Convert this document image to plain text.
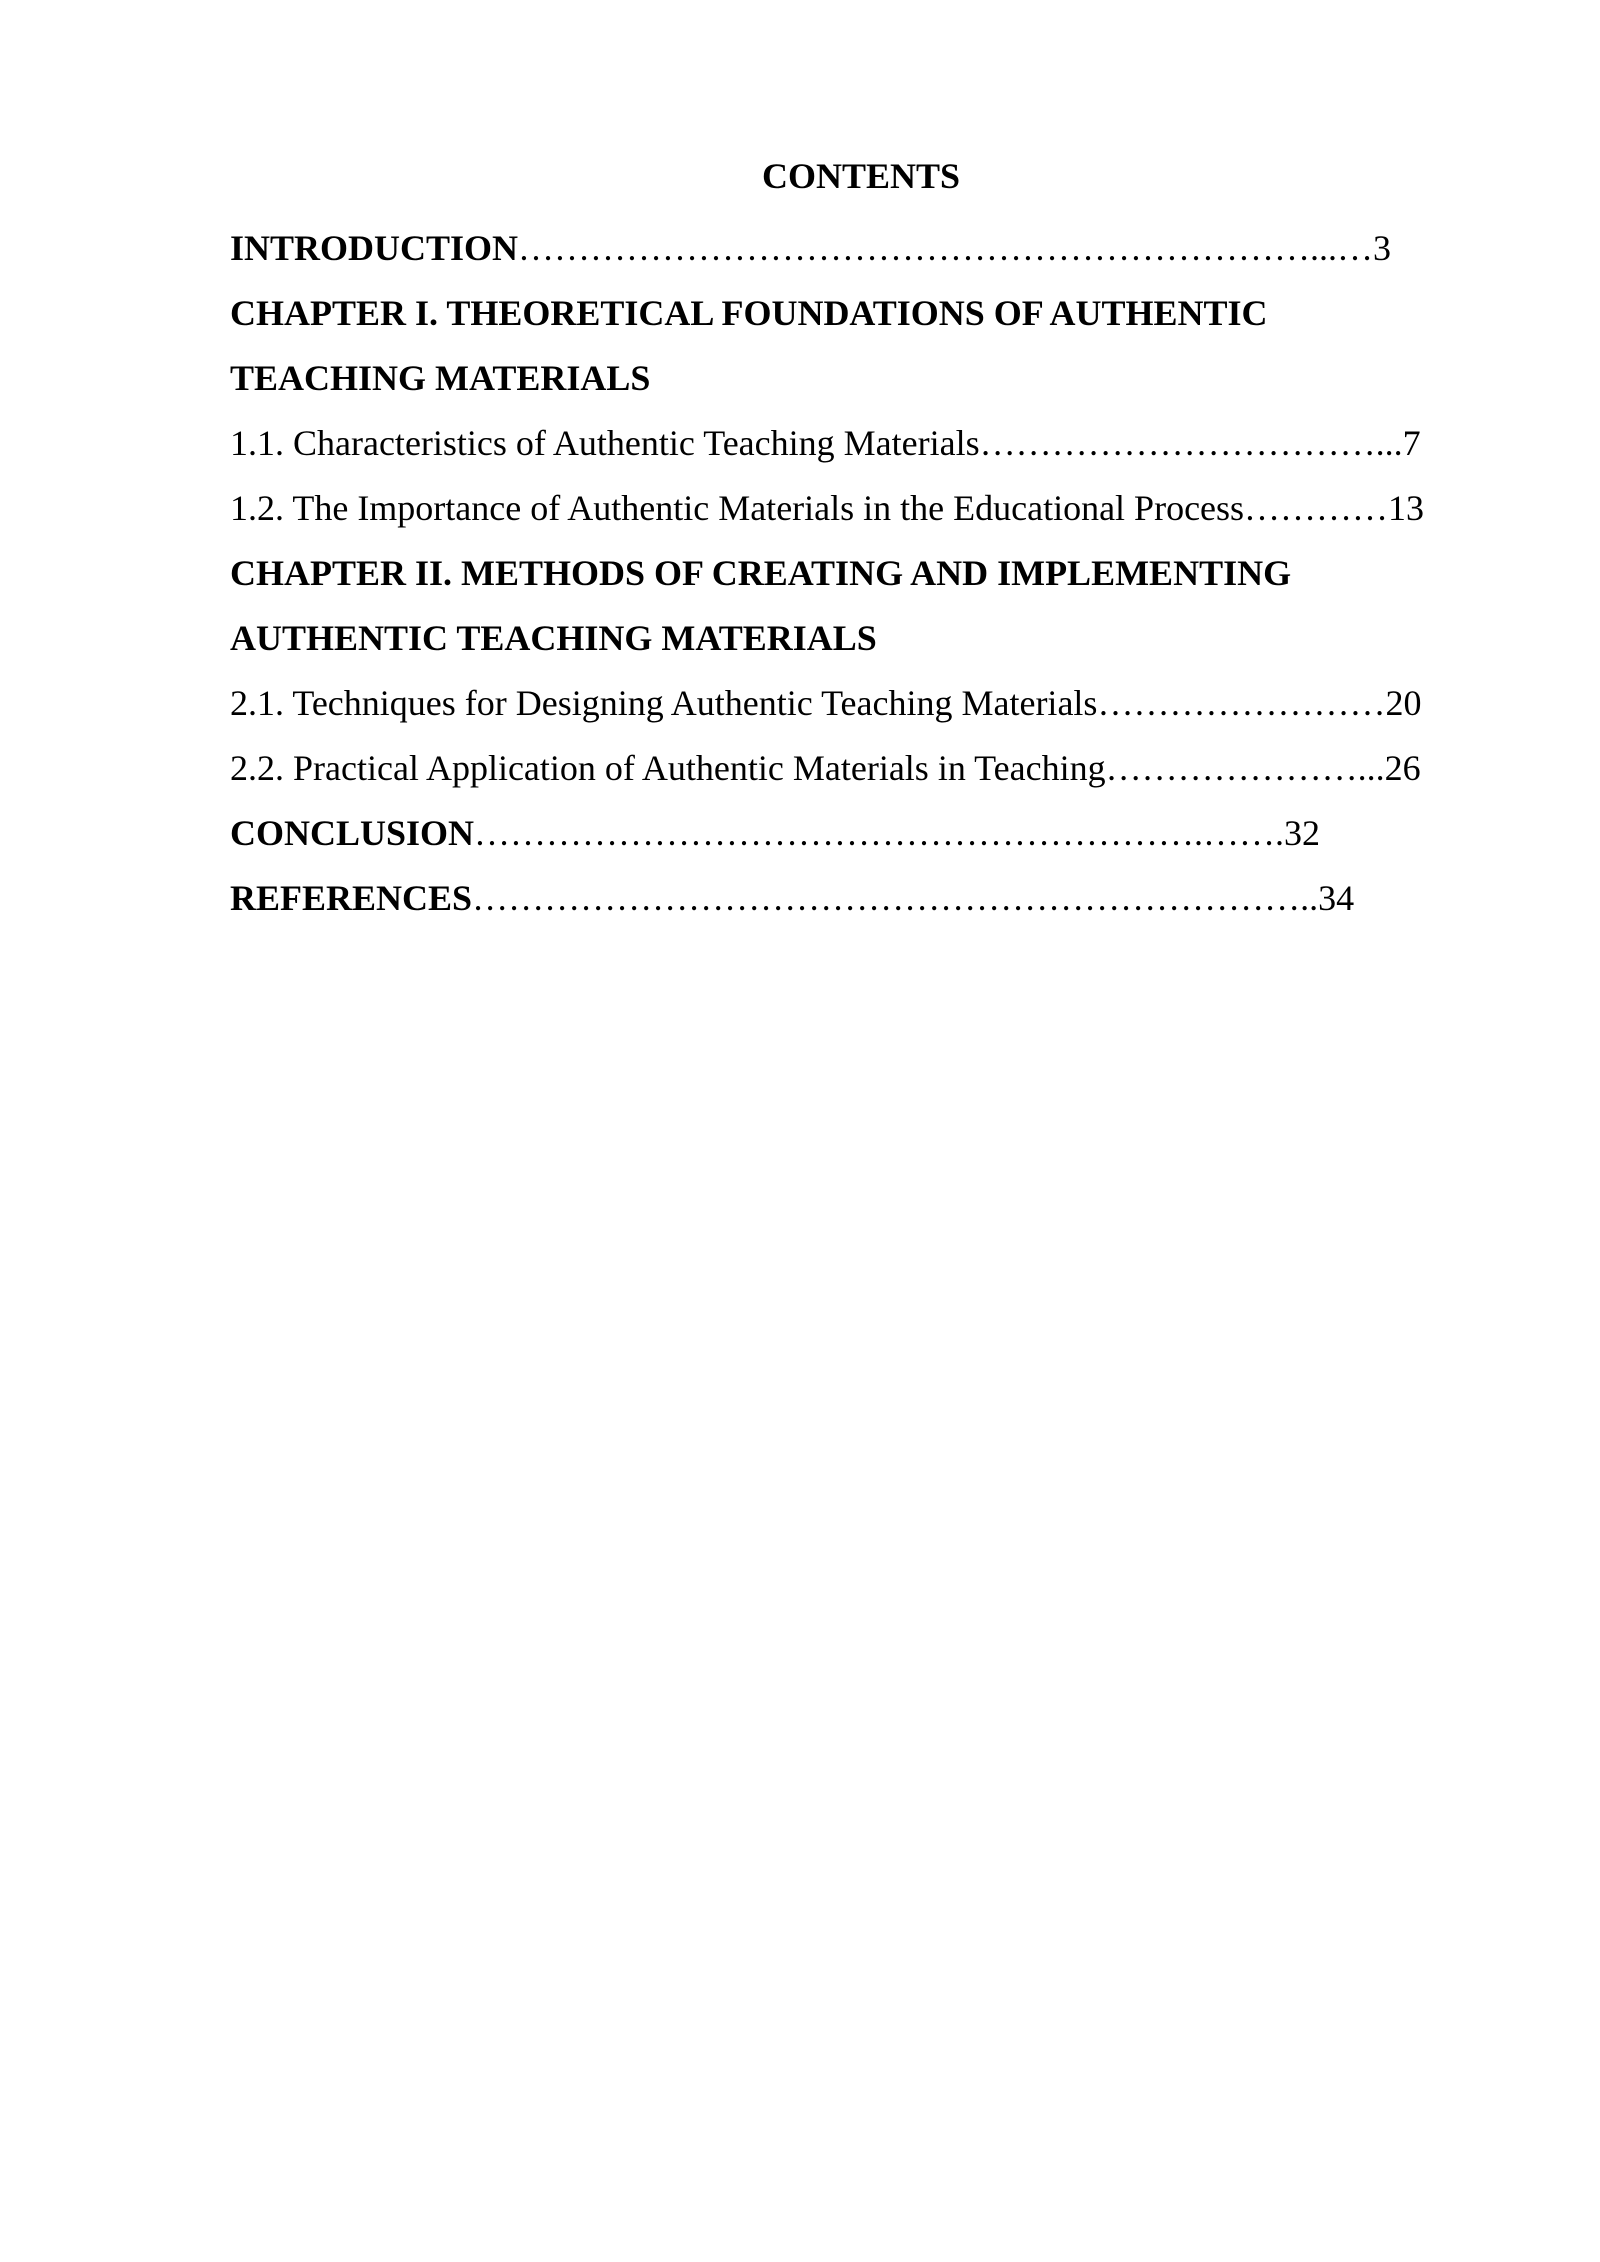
CONTENTS
INTRODUCTION…………………………………………………………...…3
CHAPTER I. THEORETICAL FOUNDATIONS OF AUTHENTIC
TEACHING MATERIALS
1.1. Characteristics of Authentic Teaching Materials……………………………...7
1.2. The Importance of Authentic Materials in the Educational Process…………13
CHAPTER II. METHODS OF CREATING AND IMPLEMENTING
AUTHENTIC TEACHING MATERIALS
2.1. Techniques for Designing Authentic Teaching Materials……………………20
2.2. Practical Application of Authentic Materials in Teaching…………………...26
CONCLUSION…………………………………………………….…….32
REFERENCES……………………………………………………………..34
